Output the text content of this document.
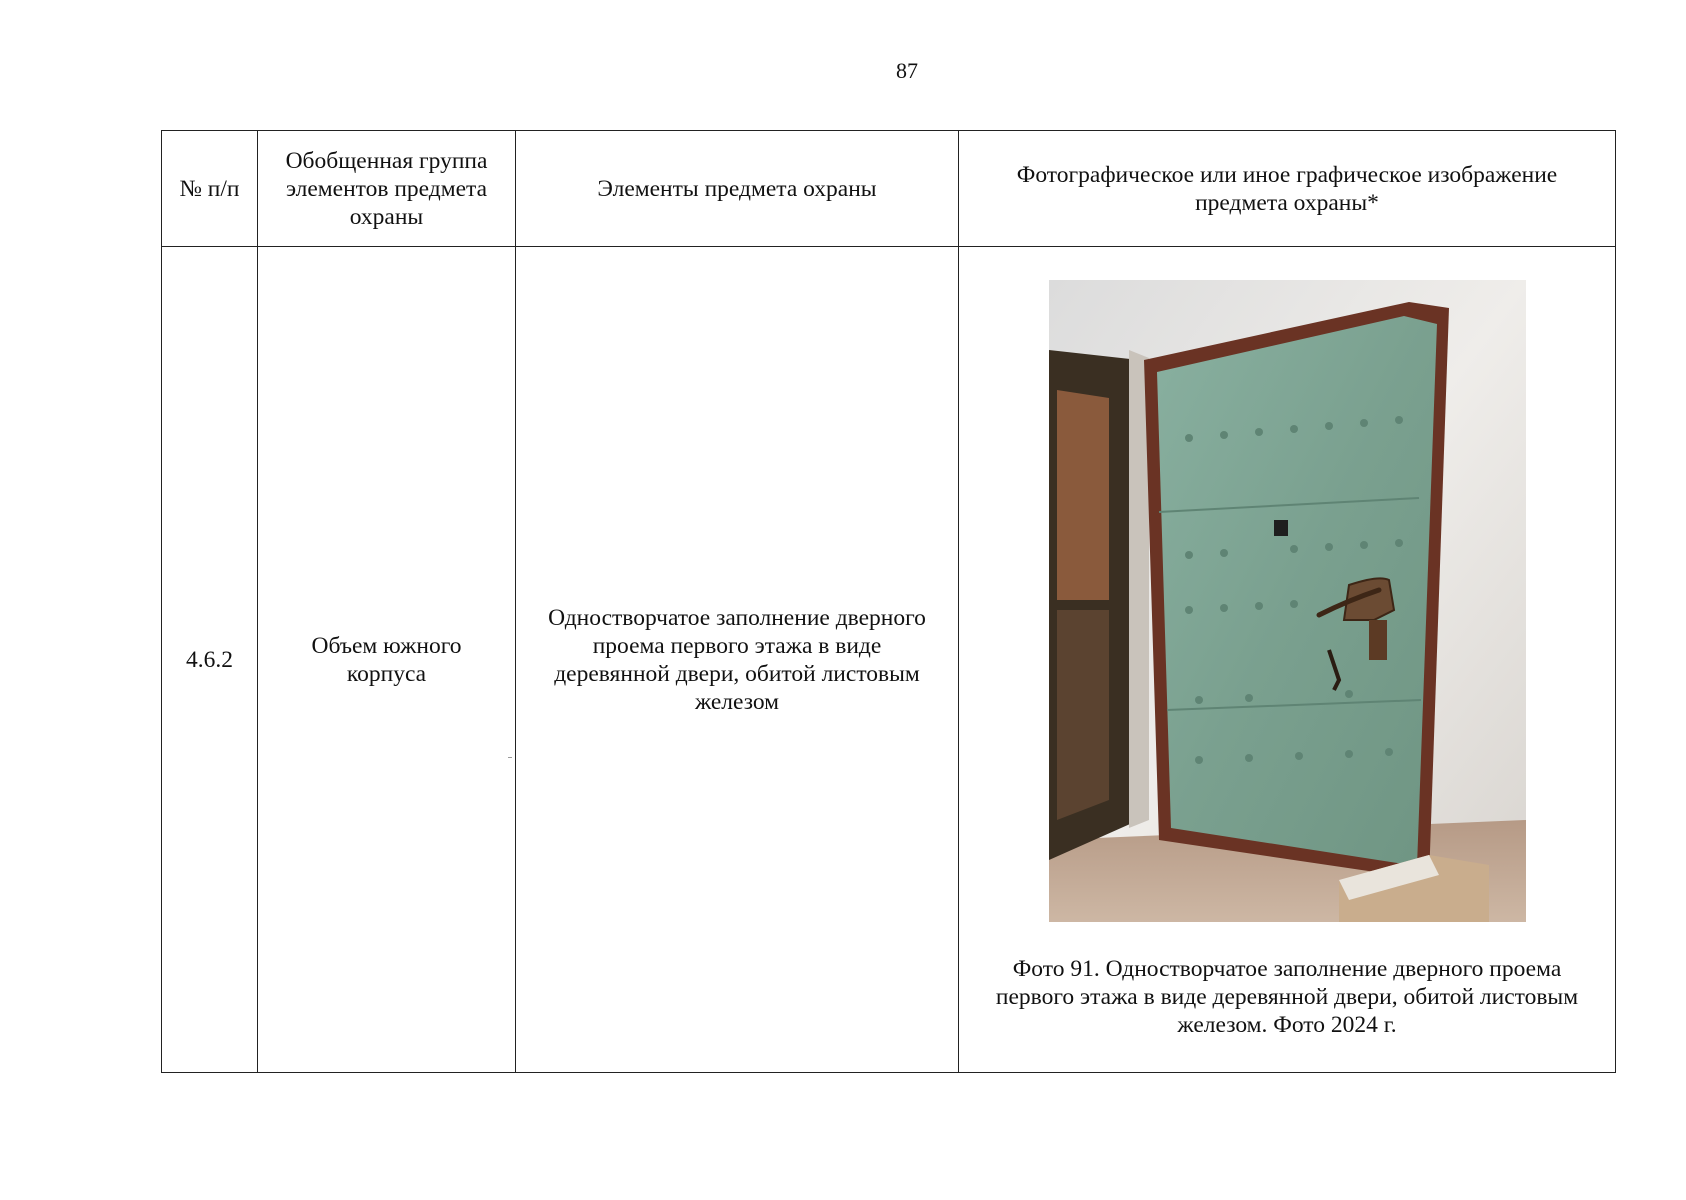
87
№ п/п	Обобщенная группа элементов предмета охраны	Элементы предмета охраны	Фотографическое или иное графическое изображение предмета охраны*
4.6.2	Объем южного корпуса	Одностворчатое заполнение дверного проема первого этажа в виде деревянной двери, обитой листовым железом	Фото 91. Одностворчатое заполнение дверного проема первого этажа в виде деревянной двери, обитой листовым железом. Фото 2024 г.
